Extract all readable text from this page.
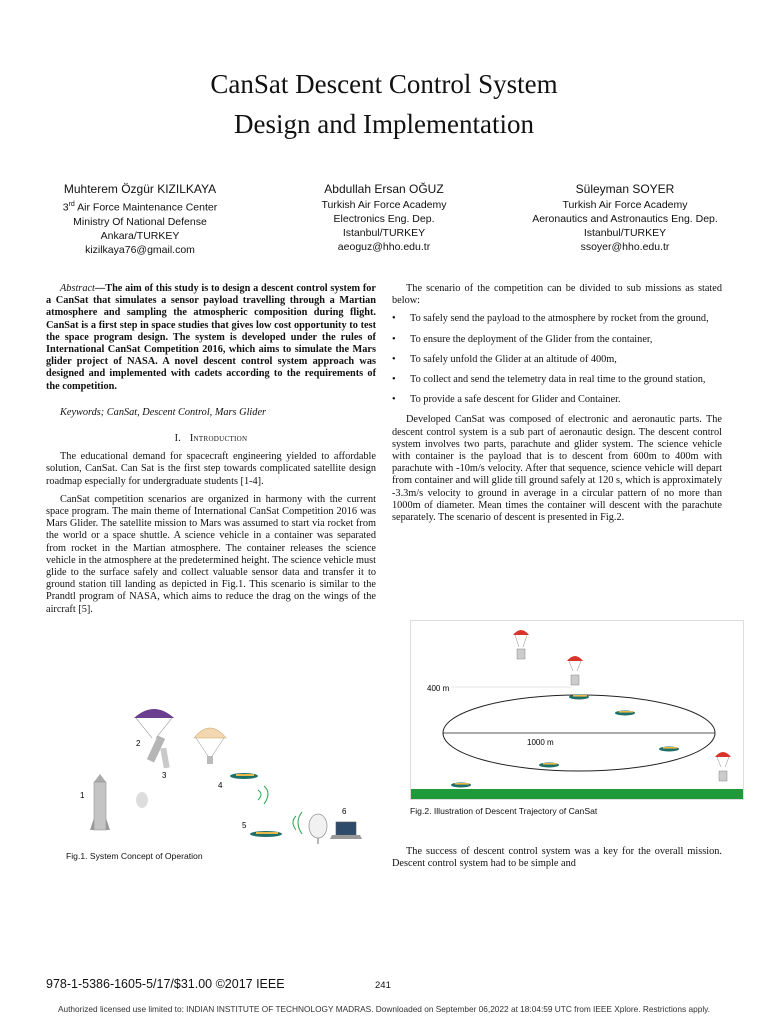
CanSat Descent Control System
Design and Implementation
Muhterem Özgür KIZILKAYA
3rd Air Force Maintenance Center
Ministry Of National Defense
Ankara/TURKEY
kizilkaya76@gmail.com
Abdullah Ersan OĞUZ
Turkish Air Force Academy
Electronics Eng. Dep.
Istanbul/TURKEY
aeoguz@hho.edu.tr
Süleyman SOYER
Turkish Air Force Academy
Aeronautics and Astronautics Eng. Dep.
Istanbul/TURKEY
ssoyer@hho.edu.tr

Abstract—The aim of this study is to design a descent control system for a CanSat that simulates a sensor payload travelling through a Martian atmosphere and sampling the atmospheric composition during flight. CanSat is a first step in space studies that gives low cost opportunity to test the space program design. The system is developed under the rules of International CanSat Competition 2016, which aims to simulate the Mars glider project of NASA. A novel descent control system approach was designed and implemented with cadets according to the requirements of the competition.

Keywords; CanSat, Descent Control, Mars Glider

I. Introduction

The educational demand for spacecraft engineering yielded to affordable solution, CanSat. Can Sat is the first step towards complicated satellite design roadmap especially for undergraduate students [1-4].

CanSat competition scenarios are organized in harmony with the current space program. The main theme of International CanSat Competition 2016 was Mars Glider. The satellite mission to Mars was assumed to start via rocket from the world or a space shuttle. A science vehicle in a container was separated from rocket in the Martian atmosphere. The container releases the science vehicle in the atmosphere at the predetermined height. The science vehicle must glide to the surface safely and collect valuable sensor data and transfer it to ground station till landing as depicted in Fig.1. This scenario is similar to the Prandtl program of NASA, which aims to reduce the drag on the wings of the aircraft [5].

The scenario of the competition can be divided to sub missions as stated below:

• To safely send the payload to the atmosphere by rocket from the ground,
• To ensure the deployment of the Glider from the container,
• To safely unfold the Glider at an altitude of 400m,
• To collect and send the telemetry data in real time to the ground station,
• To provide a safe descent for Glider and Container.

Developed CanSat was composed of electronic and aeronautic parts. The descent control system is a sub part of aeronautic design. The descent control system involves two parts, parachute and glider system. The science vehicle with container is the payload that is to descent from 600m to 400m with parachute with -10m/s velocity. After that sequence, science vehicle will depart from container and will glide till ground safely at 120 s, which is approximately -3.3m/s velocity to ground in average in a circular pattern of no more than 1000m of diameter. Mean times the container will descent with the parachute separately. The scenario of descent is presented in Fig.2.

2
3
1
4
5
6
Fig.1. System Concept of Operation
400 m
1000 m
Fig.2. Illustration of Descent Trajectory of CanSat

The success of descent control system was a key for the overall mission. Descent control system had to be simple and

978-1-5386-1605-5/17/$31.00 ©2017 IEEE	241
Authorized licensed use limited to: INDIAN INSTITUTE OF TECHNOLOGY MADRAS. Downloaded on September 06,2022 at 18:04:59 UTC from IEEE Xplore. Restrictions apply.
